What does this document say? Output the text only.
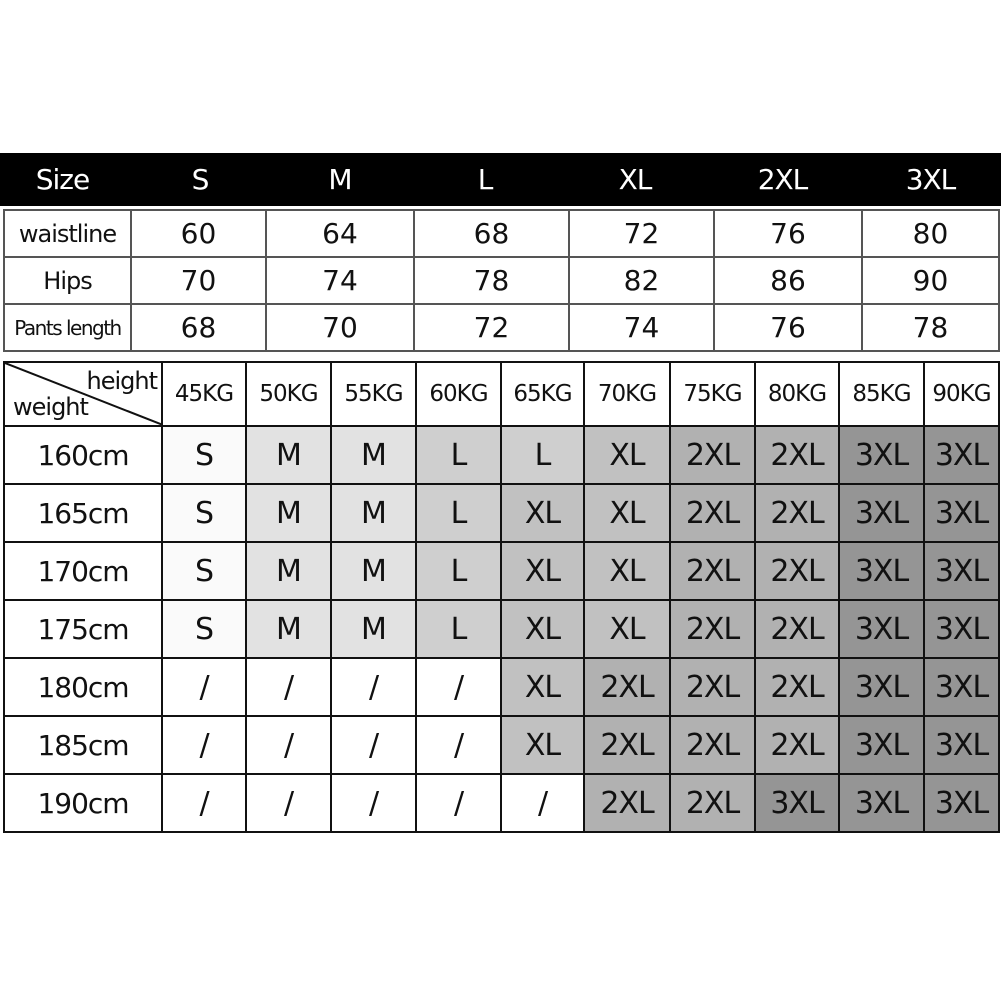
Size	S	M	L	XL	2XL	3XL
waistline	60	64	68	72	76	80
Hips	70	74	78	82	86	90
Pants length	68	70	72	74	76	78
height
weight	45KG	50KG	55KG	60KG	65KG	70KG	75KG	80KG	85KG	90KG
160cm	S	M	M	L	L	XL	2XL	2XL	3XL	3XL
165cm	S	M	M	L	XL	XL	2XL	2XL	3XL	3XL
170cm	S	M	M	L	XL	XL	2XL	2XL	3XL	3XL
175cm	S	M	M	L	XL	XL	2XL	2XL	3XL	3XL
180cm	/	/	/	/	XL	2XL	2XL	2XL	3XL	3XL
185cm	/	/	/	/	XL	2XL	2XL	2XL	3XL	3XL
190cm	/	/	/	/	/	2XL	2XL	3XL	3XL	3XL
